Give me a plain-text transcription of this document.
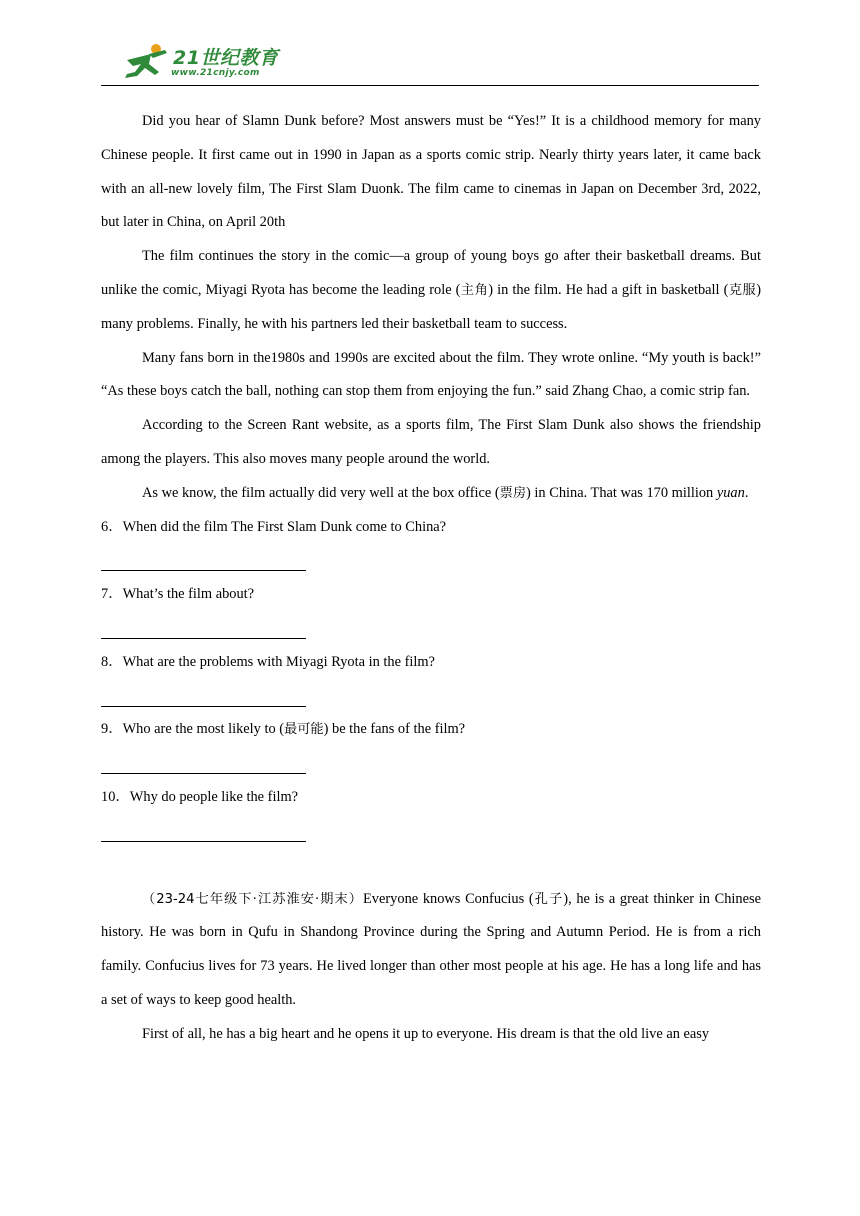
21世纪教育
www.21cnjy.com

Did you hear of Slamn Dunk before? Most answers must be “Yes!” It is a childhood memory for many Chinese people. It first came out in 1990 in Japan as a sports comic strip. Nearly thirty years later, it came back with an all-new lovely film, The First Slam Duonk. The film came to cinemas in Japan on December 3rd, 2022, but later in China, on April 20th

The film continues the story in the comic—a group of young boys go after their basketball dreams. But unlike the comic, Miyagi Ryota has become the leading role (主角) in the film. He had a gift in basketball (克服) many problems. Finally, he with his partners led their basketball team to success.

Many fans born in the1980s and 1990s are excited about the film. They wrote online. “My youth is back!” “As these boys catch the ball, nothing can stop them from enjoying the fun.” said Zhang Chao, a comic strip fan.

According to the Screen Rant website, as a sports film, The First Slam Dunk also shows the friendship among the players. This also moves many people around the world.

As we know, the film actually did very well at the box office (票房) in China. That was 170 million yuan.

6．When did the film The First Slam Dunk come to China?

7．What’s the film about?

8．What are the problems with Miyagi Ryota in the film?

9．Who are the most likely to (最可能) be the fans of the film?

10．Why do people like the film?

（23-24七年级下·江苏淮安·期末）Everyone knows Confucius (孔子), he is a great thinker in Chinese history. He was born in Qufu in Shandong Province during the Spring and Autumn Period. He is from a rich family. Confucius lives for 73 years. He lived longer than other most people at his age. He has a long life and has a set of ways to keep good health.

First of all, he has a big heart and he opens it up to everyone. His dream is that the old live an easy
